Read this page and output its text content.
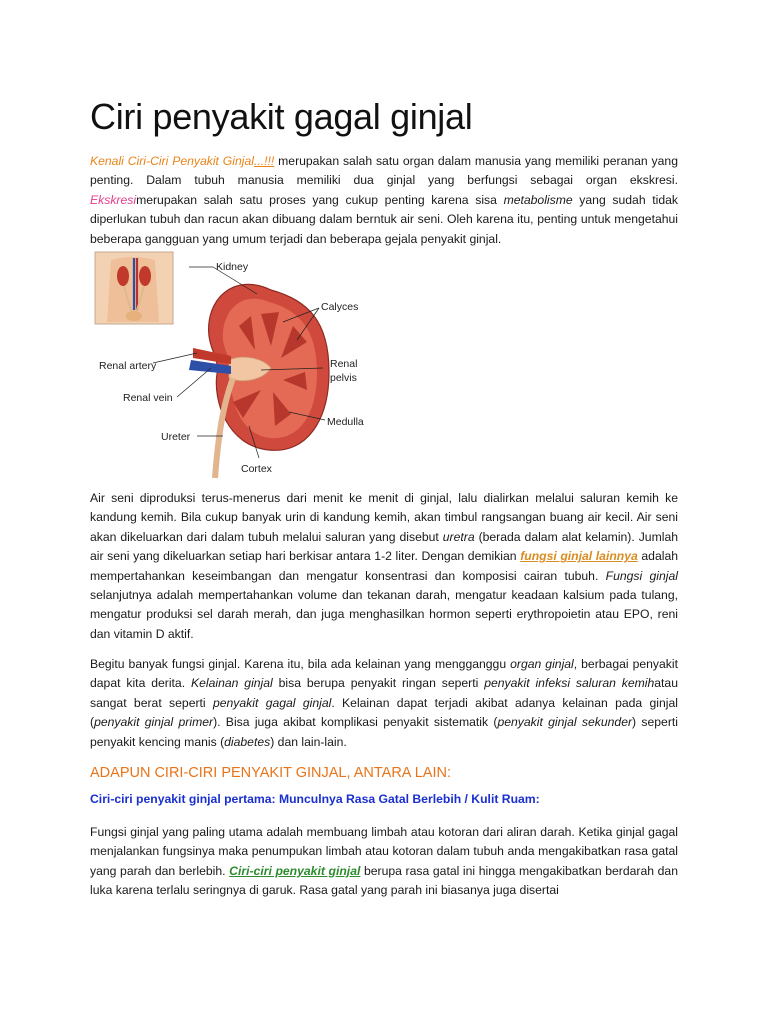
Ciri penyakit gagal ginjal

Kenali Ciri-Ciri Penyakit Ginjal...!!! merupakan salah satu organ dalam manusia yang memiliki peranan yang penting. Dalam tubuh manusia memiliki dua ginjal yang berfungsi sebagai organ ekskresi. Ekskresimerupakan salah satu proses yang cukup penting karena sisa metabolisme yang sudah tidak diperlukan tubuh dan racun akan dibuang dalam berntuk air seni. Oleh karena itu, penting untuk mengetahui beberapa gangguan yang umum terjadi dan beberapa gejala penyakit ginjal.

Kidney
Calyces
Renal artery	Renal
pelvis
Renal vein
Medulla
Ureter
Cortex

Air seni diproduksi terus-menerus dari menit ke menit di ginjal, lalu dialirkan melalui saluran kemih ke kandung kemih. Bila cukup banyak urin di kandung kemih, akan timbul rangsangan buang air kecil. Air seni akan dikeluarkan dari dalam tubuh melalui saluran yang disebut uretra (berada dalam alat kelamin). Jumlah air seni yang dikeluarkan setiap hari berkisar antara 1-2 liter. Dengan demikian fungsi ginjal lainnya adalah mempertahankan keseimbangan dan mengatur konsentrasi dan komposisi cairan tubuh. Fungsi ginjal selanjutnya adalah mempertahankan volume dan tekanan darah, mengatur keadaan kalsium pada tulang, mengatur produksi sel darah merah, dan juga menghasilkan hormon seperti erythropoietin atau EPO, reni dan vitamin D aktif.

Begitu banyak fungsi ginjal. Karena itu, bila ada kelainan yang mengganggu organ ginjal, berbagai penyakit dapat kita derita. Kelainan ginjal bisa berupa penyakit ringan seperti penyakit infeksi saluran kemihatau sangat berat seperti penyakit gagal ginjal. Kelainan dapat terjadi akibat adanya kelainan pada ginjal (penyakit ginjal primer). Bisa juga akibat komplikasi penyakit sistematik (penyakit ginjal sekunder) seperti penyakit kencing manis (diabetes) dan lain-lain.

ADAPUN CIRI-CIRI PENYAKIT GINJAL, ANTARA LAIN:
Ciri-ciri penyakit ginjal pertama: Munculnya Rasa Gatal Berlebih / Kulit Ruam:

Fungsi ginjal yang paling utama adalah membuang limbah atau kotoran dari aliran darah. Ketika ginjal gagal menjalankan fungsinya maka penumpukan limbah atau kotoran dalam tubuh anda mengakibatkan rasa gatal yang parah dan berlebih. Ciri-ciri penyakit ginjal berupa rasa gatal ini hingga mengakibatkan berdarah dan luka karena terlalu seringnya di garuk. Rasa gatal yang parah ini biasanya juga disertai
